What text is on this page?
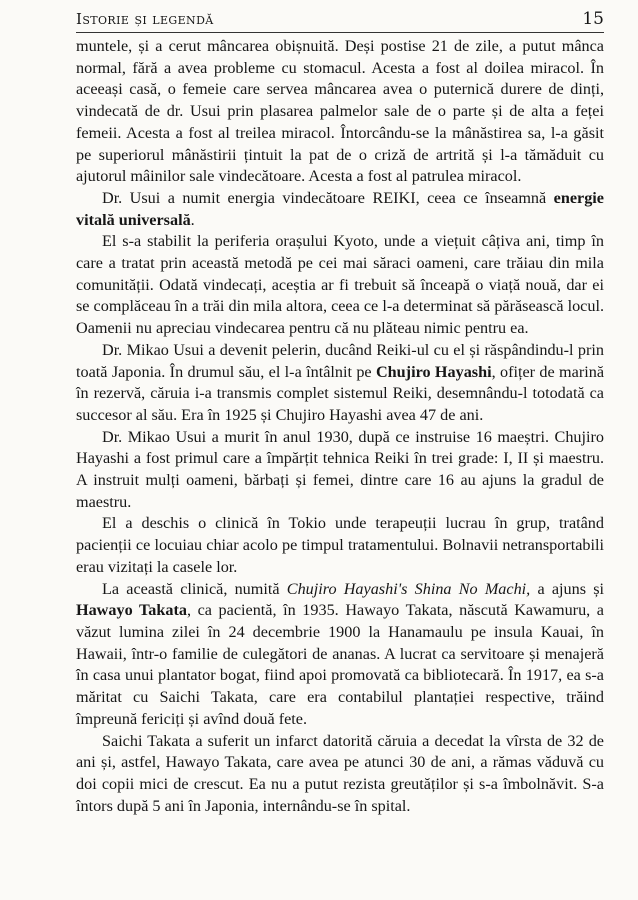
Istorie și legendă	15

muntele, și a cerut mâncarea obișnuită. Deși postise 21 de zile, a putut mânca normal, fără a avea probleme cu stomacul. Acesta a fost al doilea miracol. În aceeași casă, o femeie care servea mâncarea avea o puternică durere de dinți, vindecată de dr. Usui prin plasarea palmelor sale de o parte și de alta a feței femeii. Acesta a fost al treilea miracol. Întorcându-se la mânăstirea sa, l-a găsit pe superiorul mânăstirii țintuit la pat de o criză de artrită și l-a tămăduit cu ajutorul mâinilor sale vindecătoare. Acesta a fost al patrulea miracol.

Dr. Usui a numit energia vindecătoare REIKI, ceea ce înseamnă energie vitală universală.

El s-a stabilit la periferia orașului Kyoto, unde a viețuit câțiva ani, timp în care a tratat prin această metodă pe cei mai săraci oameni, care trăiau din mila comunității. Odată vindecați, aceștia ar fi trebuit să înceapă o viață nouă, dar ei se complăceau în a trăi din mila altora, ceea ce l-a determinat să părăsească locul. Oamenii nu apreciau vindecarea pentru că nu plăteau nimic pentru ea.

Dr. Mikao Usui a devenit pelerin, ducând Reiki-ul cu el și răspândindu-l prin toată Japonia. În drumul său, el l-a întâlnit pe Chujiro Hayashi, ofițer de marină în rezervă, căruia i-a transmis complet sistemul Reiki, desemnându-l totodată ca succesor al său. Era în 1925 și Chujiro Hayashi avea 47 de ani.

Dr. Mikao Usui a murit în anul 1930, după ce instruise 16 maeștri. Chujiro Hayashi a fost primul care a împărțit tehnica Reiki în trei grade: I, II și maestru. A instruit mulți oameni, bărbați și femei, dintre care 16 au ajuns la gradul de maestru.

El a deschis o clinică în Tokio unde terapeuții lucrau în grup, tratând pacienții ce locuiau chiar acolo pe timpul tratamentului. Bolnavii netransportabili erau vizitați la casele lor.

La această clinică, numită Chujiro Hayashi's Shina No Machi, a ajuns și Hawayo Takata, ca pacientă, în 1935. Hawayo Takata, născută Kawamuru, a văzut lumina zilei în 24 decembrie 1900 la Hanamaulu pe insula Kauai, în Hawaii, într-o familie de culegători de ananas. A lucrat ca servitoare și menajeră în casa unui plantator bogat, fiind apoi promovată ca bibliotecară. În 1917, ea s-a măritat cu Saichi Takata, care era contabilul plantației respective, trăind împreună fericiți și avînd două fete.

Saichi Takata a suferit un infarct datorită căruia a decedat la vîrsta de 32 de ani și, astfel, Hawayo Takata, care avea pe atunci 30 de ani, a rămas văduvă cu doi copii mici de crescut. Ea nu a putut rezista greutăților și s-a îmbolnăvit. S-a întors după 5 ani în Japonia, internându-se în spital.
